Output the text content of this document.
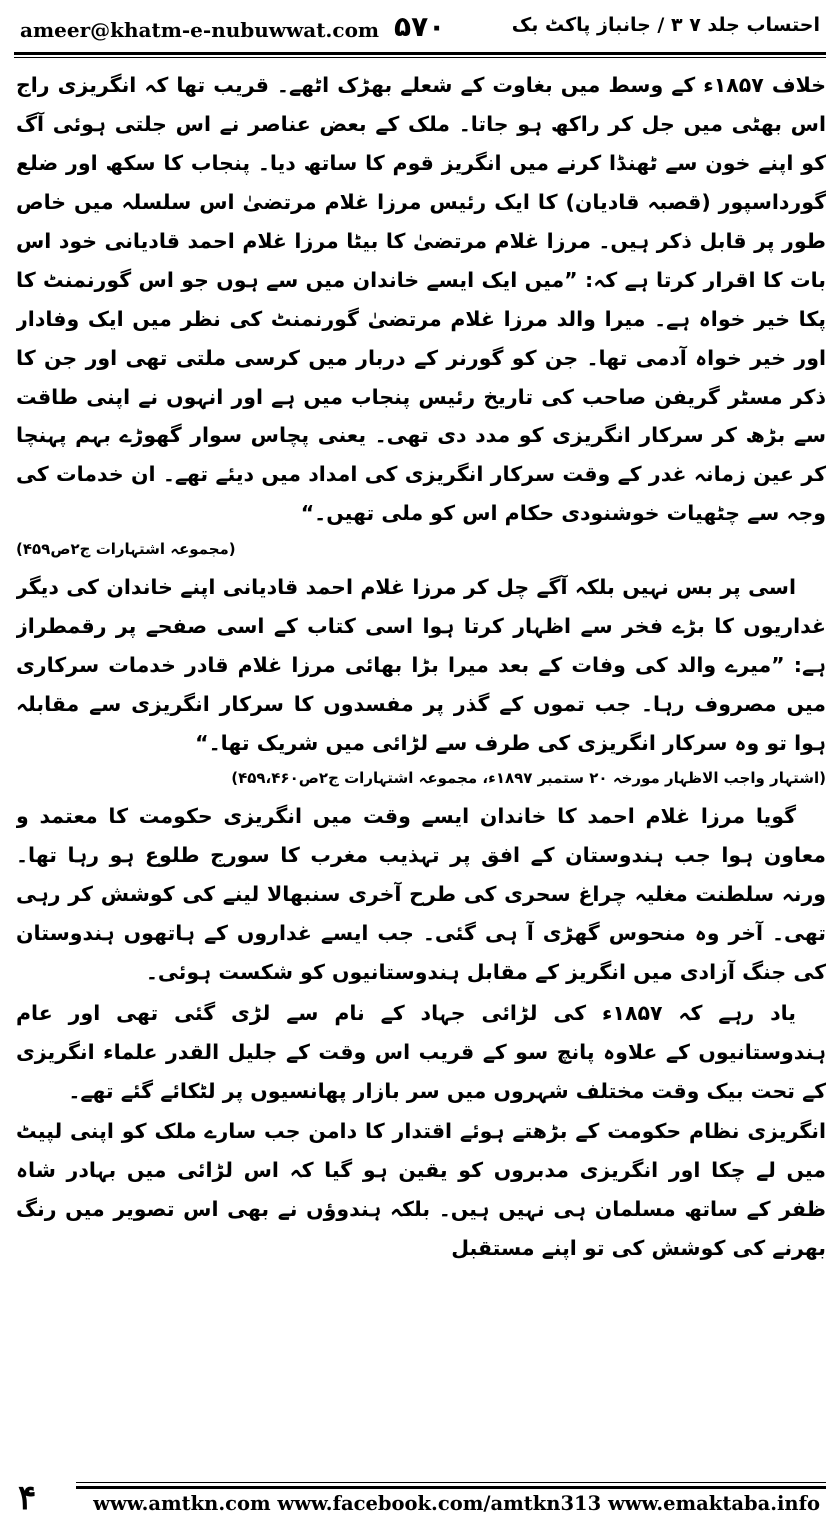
ameer@khatm-e-nubuwwat.com ۵۷۰	احتساب جلد ۷ ۳ / جانباز پاکٹ بک

خلاف ۱۸۵۷ء کے وسط میں بغاوت کے شعلے بھڑک اٹھے۔ قریب تھا کہ انگریزی راج اس بھٹی میں جل کر راکھ ہو جاتا۔ ملک کے بعض عناصر نے اس جلتی ہوئی آگ کو اپنے خون سے ٹھنڈا کرنے میں انگریز قوم کا ساتھ دیا۔ پنجاب کا سکھ اور ضلع گورداسپور (قصبہ قادیان) کا ایک رئیس مرزا غلام مرتضیٰ اس سلسلہ میں خاص طور پر قابل ذکر ہیں۔ مرزا غلام مرتضیٰ کا بیٹا مرزا غلام احمد قادیانی خود اس بات کا اقرار کرتا ہے کہ: ”میں ایک ایسے خاندان میں سے ہوں جو اس گورنمنٹ کا پکا خیر خواہ ہے۔ میرا والد مرزا غلام مرتضیٰ گورنمنٹ کی نظر میں ایک وفادار اور خیر خواہ آدمی تھا۔ جن کو گورنر کے دربار میں کرسی ملتی تھی اور جن کا ذکر مسٹر گریفن صاحب کی تاریخ رئیس پنجاب میں ہے اور انہوں نے اپنی طاقت سے بڑھ کر سرکار انگریزی کو مدد دی تھی۔ یعنی پچاس سوار گھوڑے بہم پہنچا کر عین زمانہ غدر کے وقت سرکار انگریزی کی امداد میں دیئے تھے۔ ان خدمات کی وجہ سے چٹھیات خوشنودی حکام اس کو ملی تھیں۔“

(مجموعہ اشتہارات ج۲ص۴۵۹)

اسی پر بس نہیں بلکہ آگے چل کر مرزا غلام احمد قادیانی اپنے خاندان کی دیگر غداریوں کا بڑے فخر سے اظہار کرتا ہوا اسی کتاب کے اسی صفحے پر رقمطراز ہے: ”میرے والد کی وفات کے بعد میرا بڑا بھائی مرزا غلام قادر خدمات سرکاری میں مصروف رہا۔ جب تموں کے گذر پر مفسدوں کا سرکار انگریزی سے مقابلہ ہوا تو وہ سرکار انگریزی کی طرف سے لڑائی میں شریک تھا۔“

(اشتہار واجب الاظہار مورخہ ۲۰ ستمبر ۱۸۹۷ء، مجموعہ اشتہارات ج۲ص۴۵۹،۴۶۰)

گویا مرزا غلام احمد کا خاندان ایسے وقت میں انگریزی حکومت کا معتمد و معاون ہوا جب ہندوستان کے افق پر تہذیب مغرب کا سورج طلوع ہو رہا تھا۔ ورنہ سلطنت مغلیہ چراغ سحری کی طرح آخری سنبھالا لینے کی کوشش کر رہی تھی۔ آخر وہ منحوس گھڑی آ ہی گئی۔ جب ایسے غداروں کے ہاتھوں ہندوستان کی جنگ آزادی میں انگریز کے مقابل ہندوستانیوں کو شکست ہوئی۔

یاد رہے کہ ۱۸۵۷ء کی لڑائی جہاد کے نام سے لڑی گئی تھی اور عام ہندوستانیوں کے علاوہ پانچ سو کے قریب اس وقت کے جلیل القدر علماء انگریزی کے تحت بیک وقت مختلف شہروں میں سر بازار پھانسیوں پر لٹکائے گئے تھے۔

انگریزی نظام حکومت کے بڑھتے ہوئے اقتدار کا دامن جب سارے ملک کو اپنی لپیٹ میں لے چکا اور انگریزی مدبروں کو یقین ہو گیا کہ اس لڑائی میں بہادر شاہ ظفر کے ساتھ مسلمان ہی نہیں ہیں۔ بلکہ ہندوؤں نے بھی اس تصویر میں رنگ بھرنے کی کوشش کی تو اپنے مستقبل

۴	www.amtkn.com www.facebook.com/amtkn313 www.emaktaba.info
